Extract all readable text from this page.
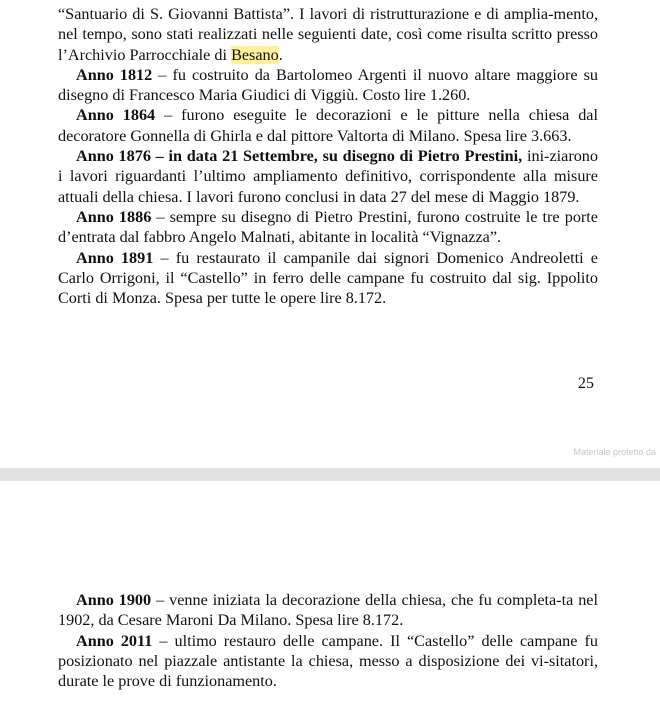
“Santuario di S. Giovanni Battista”. I lavori di ristrutturazione e di amplia-mento, nel tempo, sono stati realizzati nelle seguienti date, così come risulta scritto presso l’Archivio Parrocchiale di Besano.

Anno 1812 – fu costruito da Bartolomeo Argenti il nuovo altare maggiore su disegno di Francesco Maria Giudici di Viggiù. Costo lire 1.260.

Anno 1864 – furono eseguite le decorazioni e le pitture nella chiesa dal decoratore Gonnella di Ghirla e dal pittore Valtorta di Milano. Spesa lire 3.663.

Anno 1876 – in data 21 Settembre, su disegno di Pietro Prestini, ini-ziarono i lavori riguardanti l’ultimo ampliamento definitivo, corrispondente alla misure attuali della chiesa. I lavori furono conclusi in data 27 del mese di Maggio 1879.

Anno 1886 – sempre su disegno di Pietro Prestini, furono costruite le tre porte d’entrata dal fabbro Angelo Malnati, abitante in località “Vignazza”.

Anno 1891 – fu restaurato il campanile dai signori Domenico Andreoletti e Carlo Orrigoni, il “Castello” in ferro delle campane fu costruito dal sig. Ippolito Corti di Monza. Spesa per tutte le opere lire 8.172.

25
Materiale protetto da

Anno 1900 – venne iniziata la decorazione della chiesa, che fu completa-ta nel 1902, da Cesare Maroni Da Milano. Spesa lire 8.172.

Anno 2011 – ultimo restauro delle campane. Il “Castello” delle campane fu posizionato nel piazzale antistante la chiesa, messo a disposizione dei vi-sitatori, durate le prove di funzionamento.
